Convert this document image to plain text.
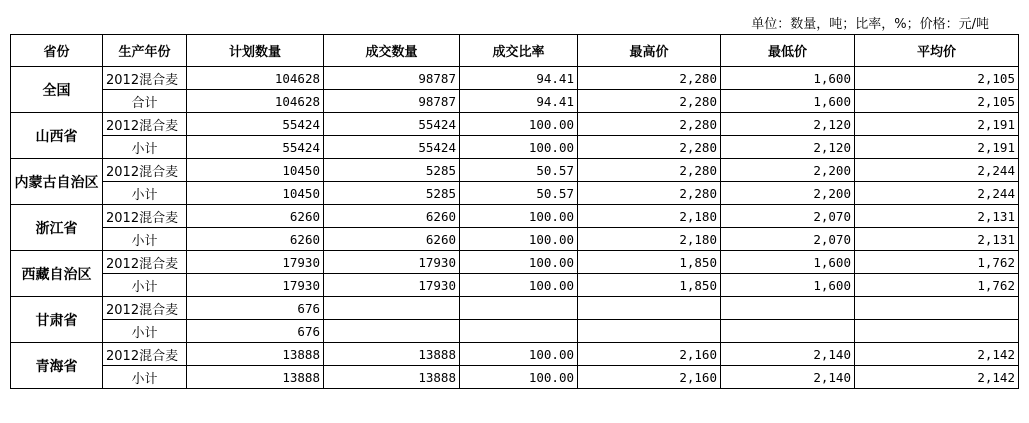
单位：数量，吨；比率，%；价格：元/吨
省份	生产年份	计划数量	成交数量	成交比率	最高价	最低价	平均价
全国	2012混合麦	104628	98787	94.41	2,280	1,600	2,105
	合计	104628	98787	94.41	2,280	1,600	2,105
山西省	2012混合麦	55424	55424	100.00	2,280	2,120	2,191
	小计	55424	55424	100.00	2,280	2,120	2,191
内蒙古自治区	2012混合麦	10450	5285	50.57	2,280	2,200	2,244
	小计	10450	5285	50.57	2,280	2,200	2,244
浙江省	2012混合麦	6260	6260	100.00	2,180	2,070	2,131
	小计	6260	6260	100.00	2,180	2,070	2,131
西藏自治区	2012混合麦	17930	17930	100.00	1,850	1,600	1,762
	小计	17930	17930	100.00	1,850	1,600	1,762
甘肃省	2012混合麦	676					
	小计	676					
青海省	2012混合麦	13888	13888	100.00	2,160	2,140	2,142
	小计	13888	13888	100.00	2,160	2,140	2,142
